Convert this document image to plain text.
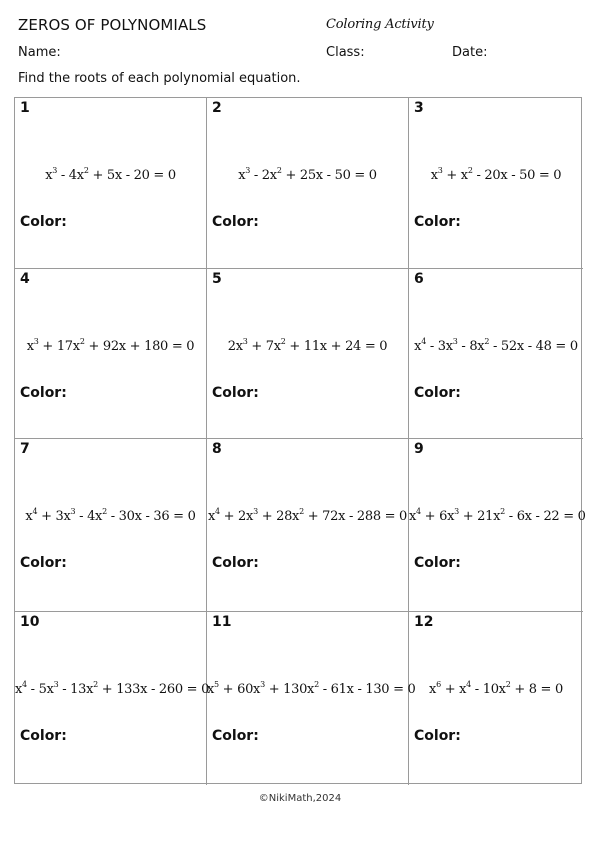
ZEROS OF POLYNOMIALS	Coloring Activity
Name:	Class:	Date:
Find the roots of each polynomial equation.
1
$x^3 - 4x^2 + 5x - 20 = 0$
Color:
2
$x^3 - 2x^2 + 25x - 50 = 0$
Color:
3
$x^3 + x^2 - 20x - 50 = 0$
Color:
4
$x^3 + 17x^2 + 92x + 180 = 0$
Color:
5
$2x^3 + 7x^2 + 11x + 24 = 0$
Color:
6
$x^4 - 3x^3 - 8x^2 - 52x - 48 = 0$
Color:
7
$x^4 + 3x^3 - 4x^2 - 30x - 36 = 0$
Color:
8
$x^4 + 2x^3 + 28x^2 + 72x - 288 = 0$
Color:
9
$x^4 + 6x^3 + 21x^2 - 6x - 22 = 0$
Color:
10
$x^4 - 5x^3 - 13x^2 + 133x - 260 = 0$
Color:
11
$x^5 + 60x^3 + 130x^2 - 61x - 130 = 0$
Color:
12
$x^6 + x^4 - 10x^2 + 8 = 0$
Color:
©NikiMath,2024
